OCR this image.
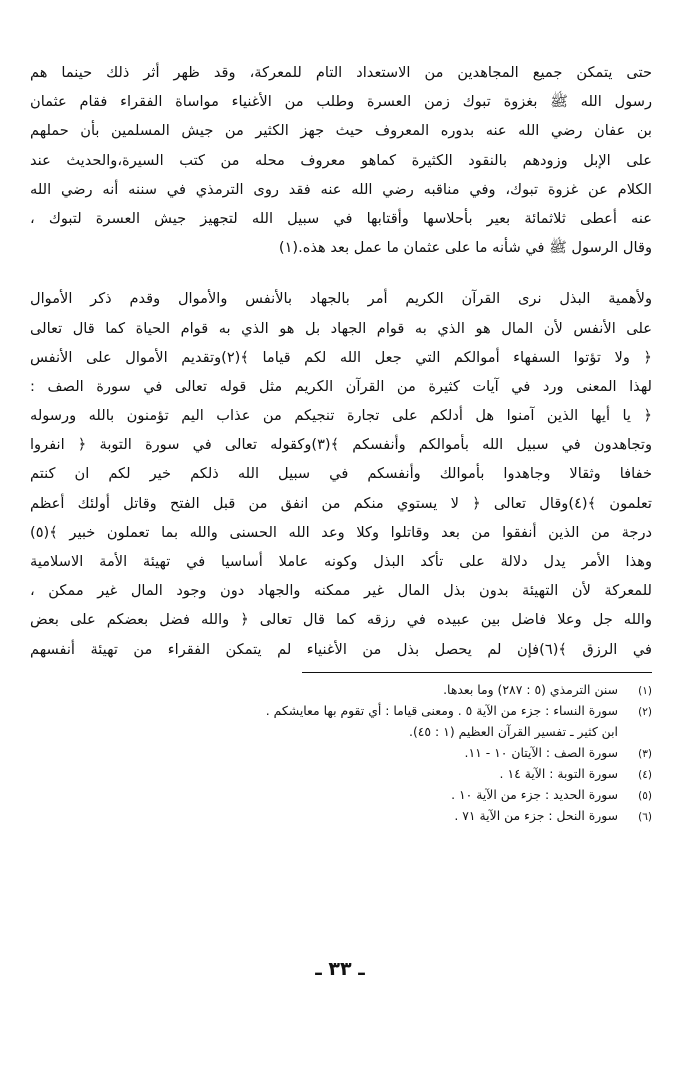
حتى يتمكن جميع المجاهدين من الاستعداد التام للمعركة، وقد ظهر أثر ذلك حينما هم
رسول الله ﷺ بغزوة تبوك زمن العسرة وطلب من الأغنياء مواساة الفقراء فقام عثمان
بن عفان رضي الله عنه بدوره المعروف حيث جهز الكثير من جيش المسلمين بأن حملهم
على الإبل وزودهم بالنقود الكثيرة كماهو معروف محله من كتب السيرة،والحديث عند
الكلام عن غزوة تبوك، وفي مناقبه رضي الله عنه فقد روى الترمذي في سننه أنه رضي الله
عنه أعطى ثلاثمائة بعير بأحلاسها وأقتابها في سبيل الله لتجهيز جيش العسرة لتبوك ،
وقال الرسول ﷺ في شأنه ما على عثمان ما عمل بعد هذه.(١)
ولأهمية البذل نرى القرآن الكريم أمر بالجهاد بالأنفس والأموال وقدم ذكر الأموال
على الأنفس لأن المال هو الذي به قوام الجهاد بل هو الذي به قوام الحياة كما قال تعالى
﴿ ولا تؤتوا السفهاء أموالكم التي جعل الله لكم قياما ﴾(٢)وتقديم الأموال على الأنفس
لهذا المعنى ورد في آيات كثيرة من القرآن الكريم مثل قوله تعالى في سورة الصف :
﴿ يا أيها الذين آمنوا هل أدلكم على تجارة تنجيكم من عذاب اليم تؤمنون بالله ورسوله
وتجاهدون في سبيل الله بأموالكم وأنفسكم ﴾(٣)وكقوله تعالى في سورة التوبة ﴿ انفروا
خفافا وثقالا وجاهدوا بأموالك وأنفسكم في سبيل الله ذلكم خير لكم ان كنتم
تعلمون ﴾(٤)وقال تعالى ﴿ لا يستوي منكم من انفق من قبل الفتح وقاتل أولئك أعظم
درجة من الذين أنفقوا من بعد وقاتلوا وكلا وعد الله الحسنى والله بما تعملون خبير ﴾(٥)
وهذا الأمر يدل دلالة على تأكد البذل وكونه عاملا أساسيا في تهيئة الأمة الاسلامية
للمعركة لأن التهيئة بدون بذل المال غير ممكنه والجهاد دون وجود المال غير ممكن ،
والله جل وعلا فاضل بين عبيده في رزقه كما قال تعالى ﴿ والله فضل بعضكم على بعض
في الرزق ﴾(٦)فإن لم يحصل بذل من الأغنياء لم يتمكن الفقراء من تهيئة أنفسهم
(١)
سنن الترمذي (٥ : ٢٨٧) وما بعدها.
(٢)
سورة النساء : جزء من الآية ٥ . ومعنى قياما : أي تقوم بها معايشكم .
ابن كثير ـ تفسير القرآن العظيم (١ : ٤٥).
(٣)
سورة الصف : الآيتان ١٠ - ١١.
(٤)
سورة التوبة : الآية ١٤ .
(٥)
سورة الحديد : جزء من الآية ١٠ .
(٦)
سورة النحل : جزء من الآية ٧١ .
ـ ٣٣ ـ
